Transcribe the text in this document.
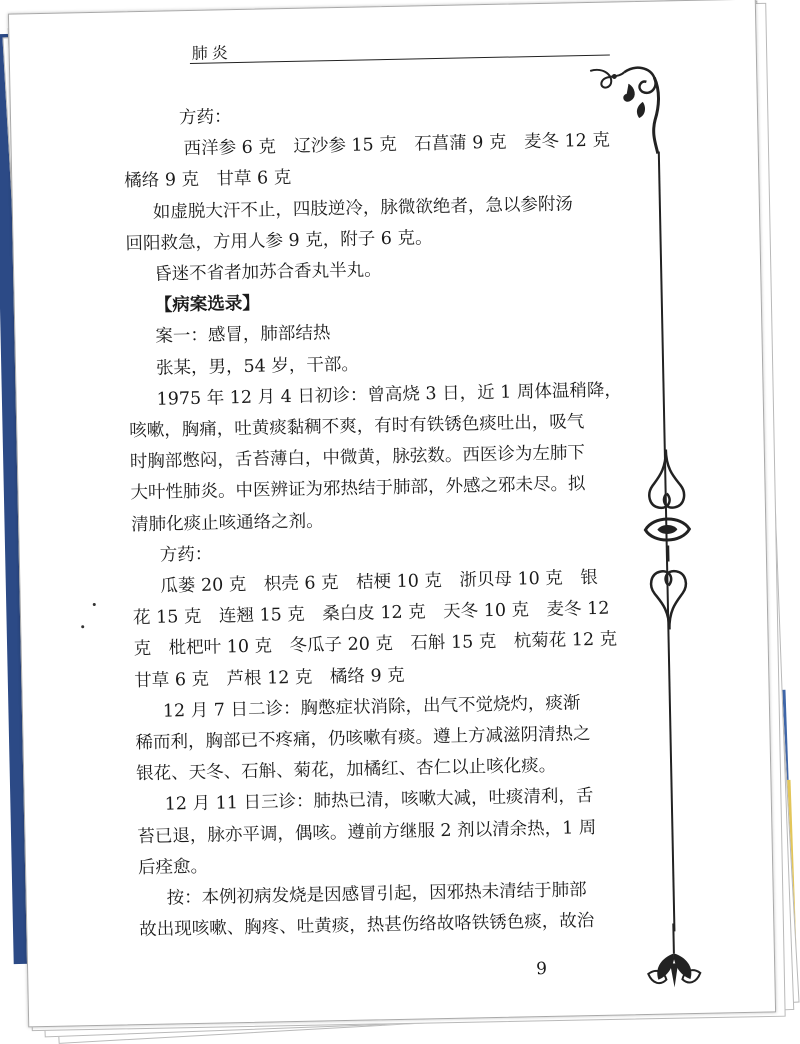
肺炎

方药：

西洋参 6 克　辽沙参 15 克　石菖蒲 9 克　麦冬 12 克

橘络 9 克　甘草 6 克

如虚脱大汗不止，四肢逆冷，脉微欲绝者，急以参附汤

回阳救急，方用人参 9 克，附子 6 克。

昏迷不省者加苏合香丸半丸。

【病案选录】

案一：感冒，肺部结热

张某，男，54 岁，干部。

1975 年 12 月 4 日初诊：曾高烧 3 日，近 1 周体温稍降，

咳嗽，胸痛，吐黄痰黏稠不爽，有时有铁锈色痰吐出，吸气

时胸部憋闷，舌苔薄白，中微黄，脉弦数。西医诊为左肺下

大叶性肺炎。中医辨证为邪热结于肺部，外感之邪未尽。拟

清肺化痰止咳通络之剂。

方药：

瓜蒌 20 克　枳壳 6 克　桔梗 10 克　浙贝母 10 克　银

花 15 克　连翘 15 克　桑白皮 12 克　天冬 10 克　麦冬 12

克　枇杷叶 10 克　冬瓜子 20 克　石斛 15 克　杭菊花 12 克

甘草 6 克　芦根 12 克　橘络 9 克

12 月 7 日二诊：胸憋症状消除，出气不觉烧灼，痰渐

稀而利，胸部已不疼痛，仍咳嗽有痰。遵上方减滋阴清热之

银花、天冬、石斛、菊花，加橘红、杏仁以止咳化痰。

12 月 11 日三诊：肺热已清，咳嗽大减，吐痰清利，舌

苔已退，脉亦平调，偶咳。遵前方继服 2 剂以清余热，1 周

后痊愈。

按：本例初病发烧是因感冒引起，因邪热未清结于肺部

故出现咳嗽、胸疼、吐黄痰，热甚伤络故咯铁锈色痰，故治

9
